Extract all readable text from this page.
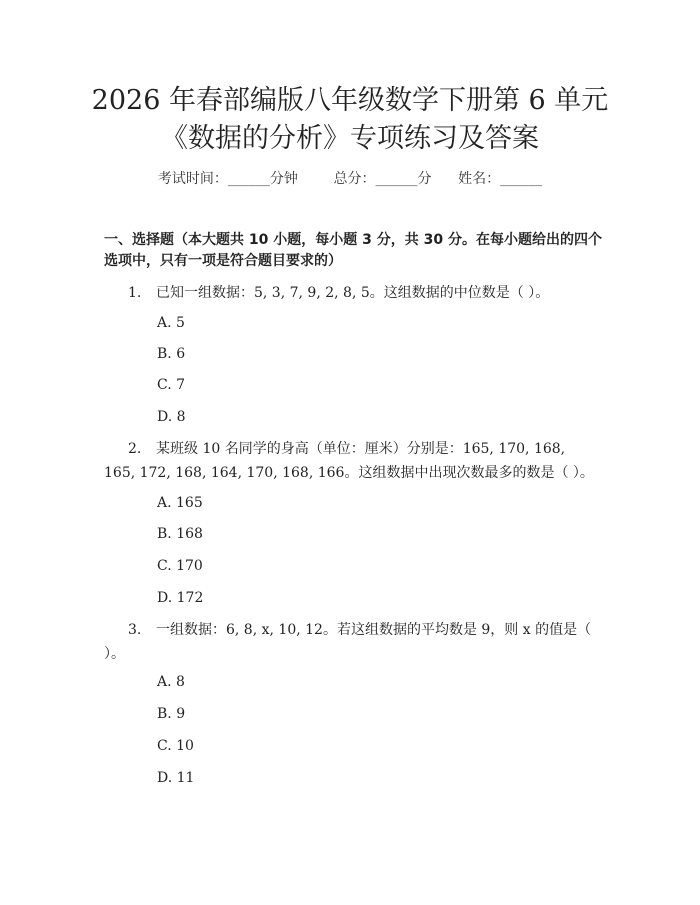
2026 年春部编版八年级数学下册第 6 单元
《数据的分析》专项练习及答案
考试时间：______分钟	总分：______分 姓名：______
一、选择题（本大题共 10 小题，每小题 3 分，共 30 分。在每小题给出的四个选项中，只有一项是符合题目要求的）
1. 已知一组数据：5, 3, 7, 9, 2, 8, 5。这组数据的中位数是（ ）。
A. 5
B. 6
C. 7
D. 8
2. 某班级 10 名同学的身高（单位：厘米）分别是：165, 170, 168, 165, 172, 168, 164, 170, 168, 166。这组数据中出现次数最多的数是（ ）。
A. 165
B. 168
C. 170
D. 172
3. 一组数据：6, 8, x, 10, 12。若这组数据的平均数是 9，则 x 的值是（ ）。
A. 8
B. 9
C. 10
D. 11
